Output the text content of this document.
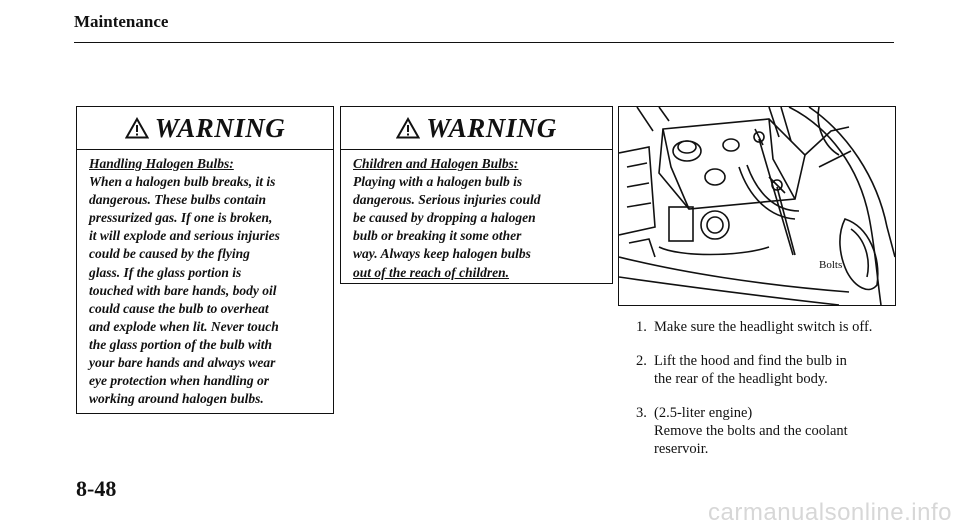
Maintenance
WARNING
Handling Halogen Bulbs:
When a halogen bulb breaks, it is
dangerous. These bulbs contain
pressurized gas. If one is broken,
it will explode and serious injuries
could be caused by the flying
glass. If the glass portion is
touched with bare hands, body oil
could cause the bulb to overheat
and explode when lit. Never touch
the glass portion of the bulb with
your bare hands and always wear
eye protection when handling or
working around halogen bulbs.
WARNING
Children and Halogen Bulbs:
Playing with a halogen bulb is
dangerous. Serious injuries could
be caused by dropping a halogen
bulb or breaking it some other
way. Always keep halogen bulbs
out of the reach of children.	Bolts
1. Make sure the headlight switch is off.
2. Lift the hood and find the bulb in
the rear of the headlight body.
3. (2.5-liter engine)
Remove the bolts and the coolant
reservoir.
8-48
carmanualsonline.info
